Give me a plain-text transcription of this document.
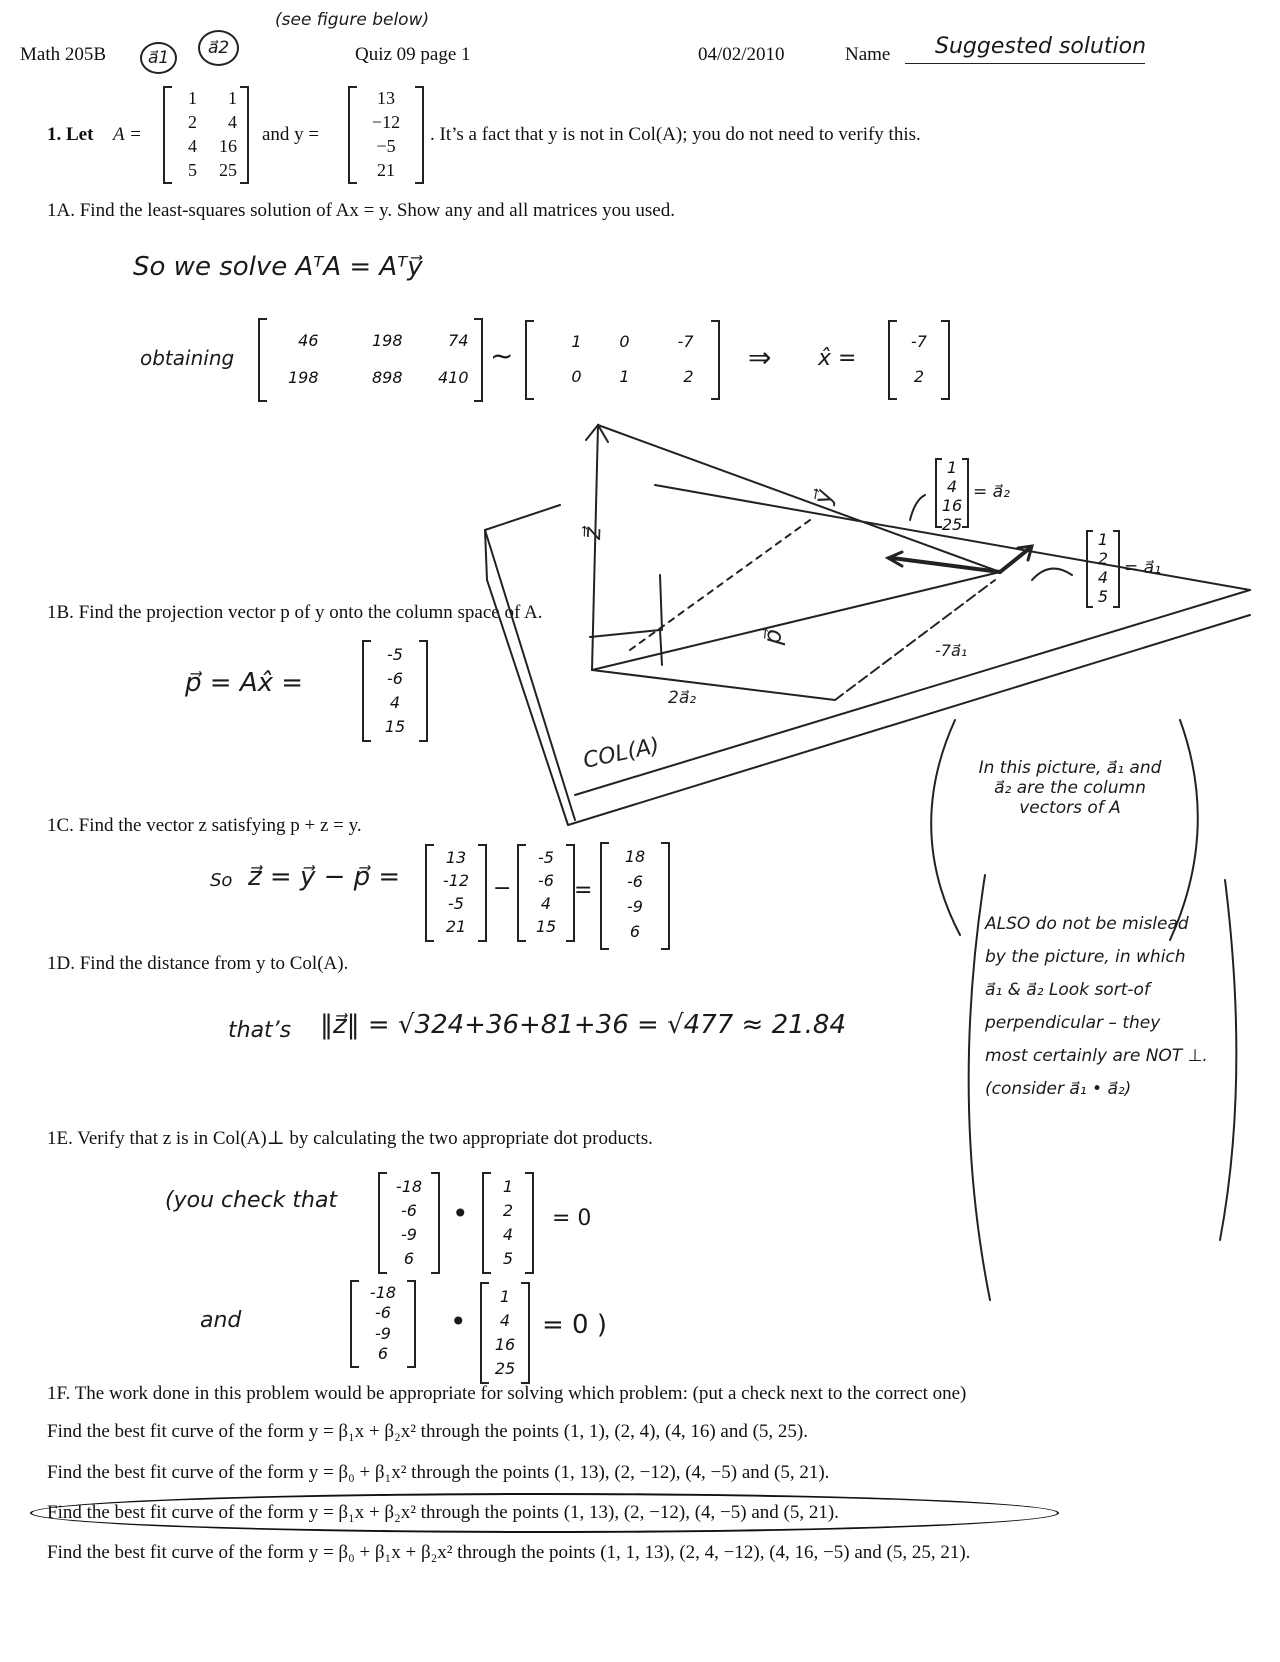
Math 205B
(see figure below)
a⃗1	a⃗2	Quiz 09 page 1	04/02/2010	Name Suggested solution
1. Let A =
1	1
2	4
4	16
5	25
and y =
13
−12
−5
21
. It’s a fact that y is not in Col(A); you do not need to verify this.
1A. Find the least-squares solution of Ax = y. Show any and all matrices you used.
So we solve AᵀA = Aᵀy⃗
obtaining
46	198	74
198	898	410
~	1	0	-7
0	1	2
⇒ x̂ =
-7
2
1B. Find the projection vector p of y onto the column space of A.
p⃗ = Ax̂ =
-5
-6
4
15
1C. Find the vector z satisfying p + z = y.
So z⃗ = y⃗ − p⃗ =
13
-12
-5
21
−
-5
-6
4
15
=
18
-6
-9
6
1D. Find the distance from y to Col(A).
that’s ‖z⃗‖ = √324+36+81+36 = √477 ≈ 21.84
1E. Verify that z is in Col(A)⊥ by calculating the two appropriate dot products.
(you check that
-18
-6
-9
6
•
1
2
4
5
= 0
and
-18
-6
-9
6
•
1
4
16
25
= 0 )
1F. The work done in this problem would be appropriate for solving which problem: (put a check next to the correct one)
Find the best fit curve of the form y = β₁x + β₂x² through the points (1, 1), (2, 4), (4, 16) and (5, 25).
Find the best fit curve of the form y = β₀ + β₁x² through the points (1, 13), (2, −12), (4, −5) and (5, 21).
Find the best fit curve of the form y = β₁x + β₂x² through the points (1, 13), (2, −12), (4, −5) and (5, 21).
Find the best fit curve of the form y = β₀ + β₁x + β₂x² through the points (1, 1, 13), (2, 4, −12), (4, 16, −5) and (5, 25, 21).
z⃗
y⃗
p⃗
COL(A)
2a⃗₂
-7a⃗₁
1
4
16
25
= a⃗₂
1
2
4
5
= a⃗₁
In this picture, a⃗₁ and
a⃗₂ are the column
vectors of A
ALSO do not be mislead
by the picture, in which
a⃗₁ & a⃗₂ Look sort-of
perpendicular – they
most certainly are NOT ⊥.
(consider a⃗₁ • a⃗₂)
